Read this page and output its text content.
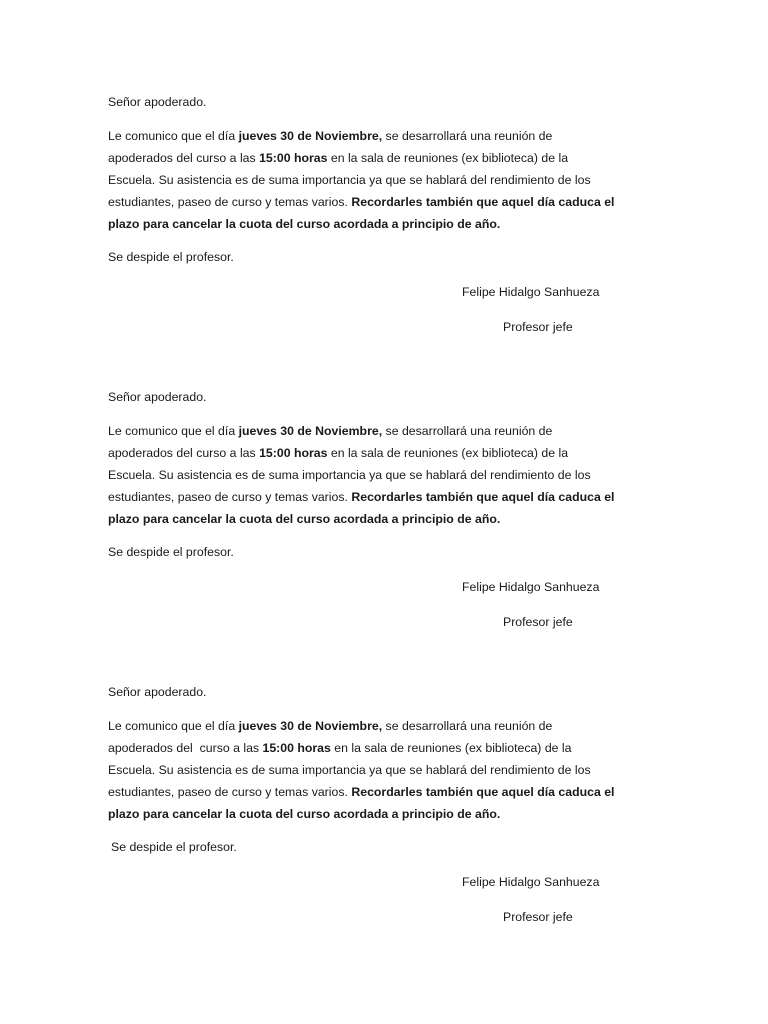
Señor apoderado.

Le comunico que el día jueves 30 de Noviembre, se desarrollará una reunión de
apoderados del curso a las 15:00 horas en la sala de reuniones (ex biblioteca) de la
Escuela. Su asistencia es de suma importancia ya que se hablará del rendimiento de los
estudiantes, paseo de curso y temas varios. Recordarles también que aquel día caduca el
plazo para cancelar la cuota del curso acordada a principio de año.

Se despide el profesor.

Felipe Hidalgo Sanhueza
Profesor jefe

Señor apoderado.

Le comunico que el día jueves 30 de Noviembre, se desarrollará una reunión de
apoderados del curso a las 15:00 horas en la sala de reuniones (ex biblioteca) de la
Escuela. Su asistencia es de suma importancia ya que se hablará del rendimiento de los
estudiantes, paseo de curso y temas varios. Recordarles también que aquel día caduca el
plazo para cancelar la cuota del curso acordada a principio de año.

Se despide el profesor.

Felipe Hidalgo Sanhueza
Profesor jefe

Señor apoderado.

Le comunico que el día jueves 30 de Noviembre, se desarrollará una reunión de
apoderados del  curso a las 15:00 horas en la sala de reuniones (ex biblioteca) de la
Escuela. Su asistencia es de suma importancia ya que se hablará del rendimiento de los
estudiantes, paseo de curso y temas varios. Recordarles también que aquel día caduca el
plazo para cancelar la cuota del curso acordada a principio de año.

Se despide el profesor.

Felipe Hidalgo Sanhueza
Profesor jefe
